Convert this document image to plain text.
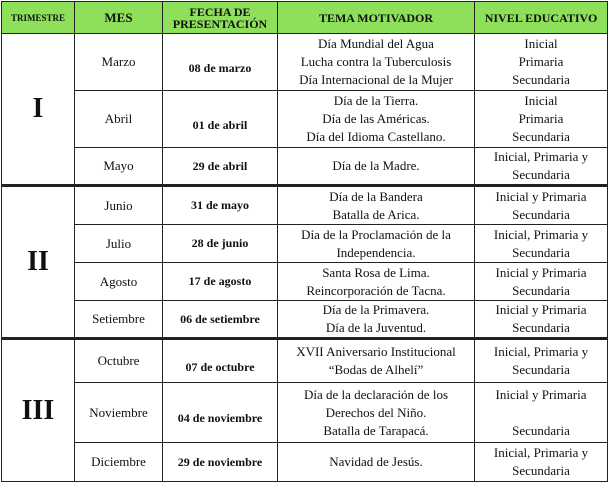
TRIMESTRE	MES	FECHA DE
PRESENTACIÓN	TEMA MOTIVADOR	NIVEL EDUCATIVO
I	Marzo	08 de marzo	Día Mundial del Agua
Lucha contra la Tuberculosis
Día Internacional de la Mujer	Inicial
Primaria
Secundaria

	Abril	01 de abril	Día de la Tierra.
Día de las Américas.
Día del Idioma Castellano.	Inicial
Primaria
Secundaria

	Mayo	29 de abril	Día de la Madre.	Inicial, Primaria y
Secundaria

II	Junio	31 de mayo	Día de la Bandera
Batalla de Arica.	Inicial y Primaria
Secundaria

	Julio	28 de junio	Día de la Proclamación de la
Independencia.	Inicial, Primaria y
Secundaria

	Agosto	17 de agosto	Santa Rosa de Lima.
Reincorporación de Tacna.	Inicial y Primaria
Secundaria

	Setiembre	06 de setiembre	Día de la Primavera.
Día de la Juventud.	Inicial y Primaria
Secundaria

III	Octubre	07 de octubre	XVII Aniversario Institucional
“Bodas de Alhelí”	Inicial, Primaria y
Secundaria

	Noviembre	04 de noviembre	Día de la declaración de los
Derechos del Niño.
Batalla de Tarapacá.	Inicial y Primaria
Secundaria

	Diciembre	29 de noviembre	Navidad de Jesús.	Inicial, Primaria y
Secundaria
